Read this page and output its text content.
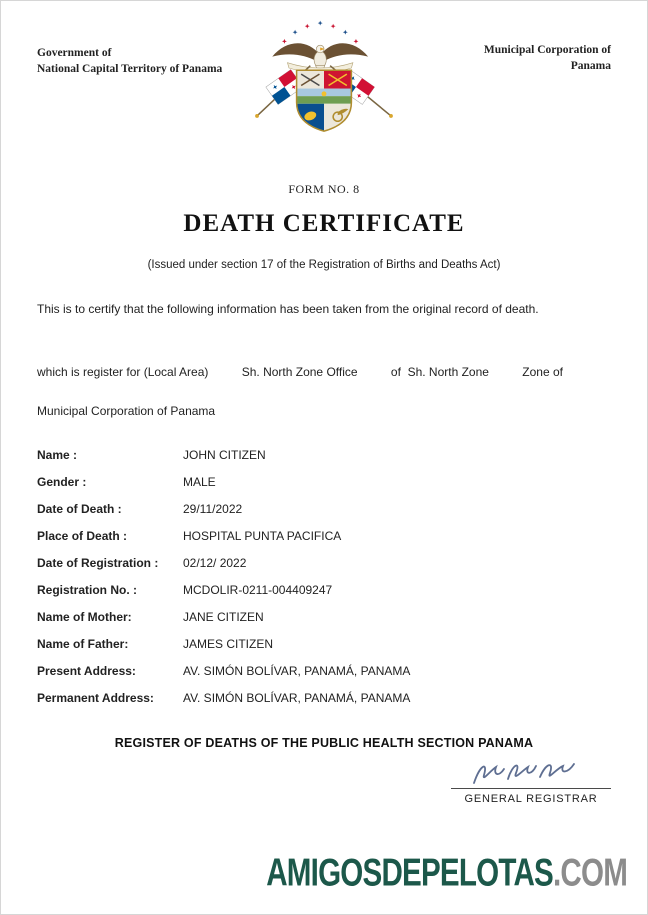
Government of
National Capital Territory of Panama
Municipal Corporation of
Panama
FORM NO. 8
DEATH CERTIFICATE
(Issued under section 17 of the Registration of Births and Deaths Act)
This is to certify that the following information has been taken from the original record of death.
which is register for (Local Area)	Sh. North Zone Office	of  Sh. North Zone	Zone of
Municipal Corporation of Panama
Name :	JOHN CITIZEN
Gender :	MALE
Date of Death :	29/11/2022
Place of Death :	HOSPITAL PUNTA PACIFICA
Date of Registration :	02/12/ 2022
Registration No. :	MCDOLIR-0211-004409247
Name of Mother:	JANE CITIZEN
Name of Father:	JAMES CITIZEN
Present Address:	AV. SIMÓN BOLÍVAR, PANAMÁ, PANAMA
Permanent Address:	AV. SIMÓN BOLÍVAR, PANAMÁ, PANAMA
REGISTER OF DEATHS OF THE PUBLIC HEALTH SECTION PANAMA
GENERAL REGISTRAR
AMIGOSDEPELOTAS.COM
